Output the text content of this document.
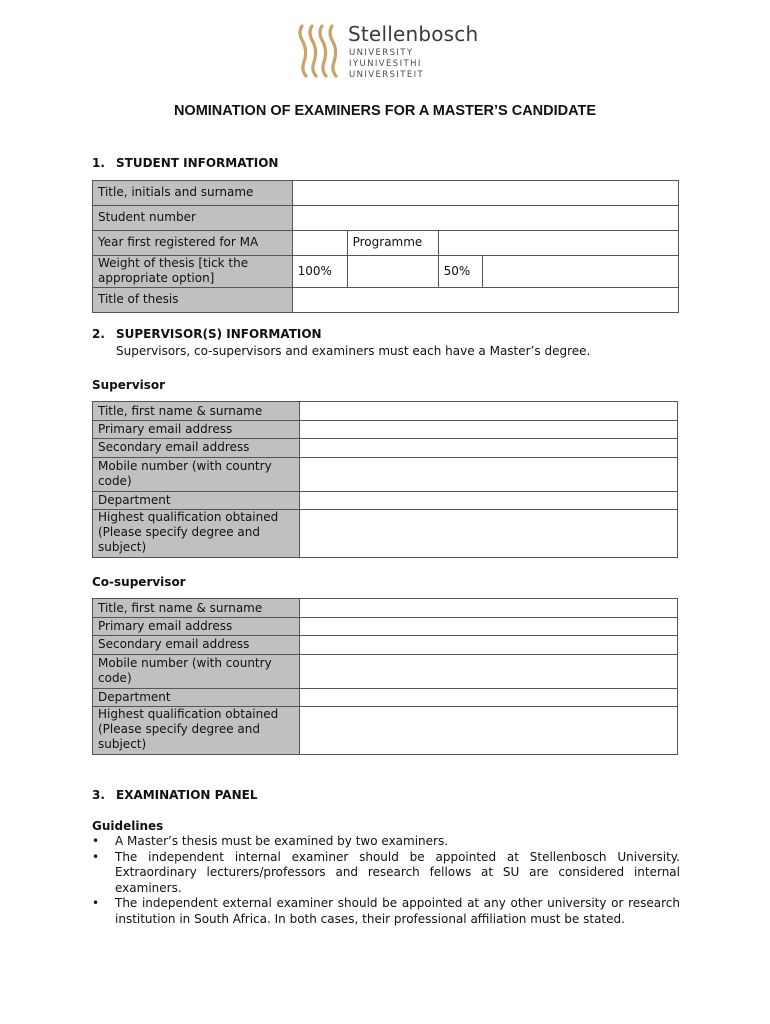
Stellenbosch
UNIVERSITY
IYUNIVESITHI
UNIVERSITEIT
NOMINATION OF EXAMINERS FOR A MASTER’S CANDIDATE
1. STUDENT INFORMATION
Title, initials and surname				
Student number				
Year first registered for MA		Programme		
Weight of thesis [tick the appropriate option]	100%		50%	
Title of thesis				
2. SUPERVISOR(S) INFORMATION
Supervisors, co-supervisors and examiners must each have a Master’s degree.
Supervisor
Title, first name & surname	
Primary email address	
Secondary email address	
Mobile number (with country code)	
Department	
Highest qualification obtained (Please specify degree and subject)	
Co-supervisor
Title, first name & surname	
Primary email address	
Secondary email address	
Mobile number (with country code)	
Department	
Highest qualification obtained (Please specify degree and subject)	
3. EXAMINATION PANEL
Guidelines
• A Master’s thesis must be examined by two examiners.
• The independent internal examiner should be appointed at Stellenbosch University. Extraordinary lecturers/professors and research fellows at SU are considered internal examiners.
• The independent external examiner should be appointed at any other university or research institution in South Africa. In both cases, their professional affiliation must be stated.
